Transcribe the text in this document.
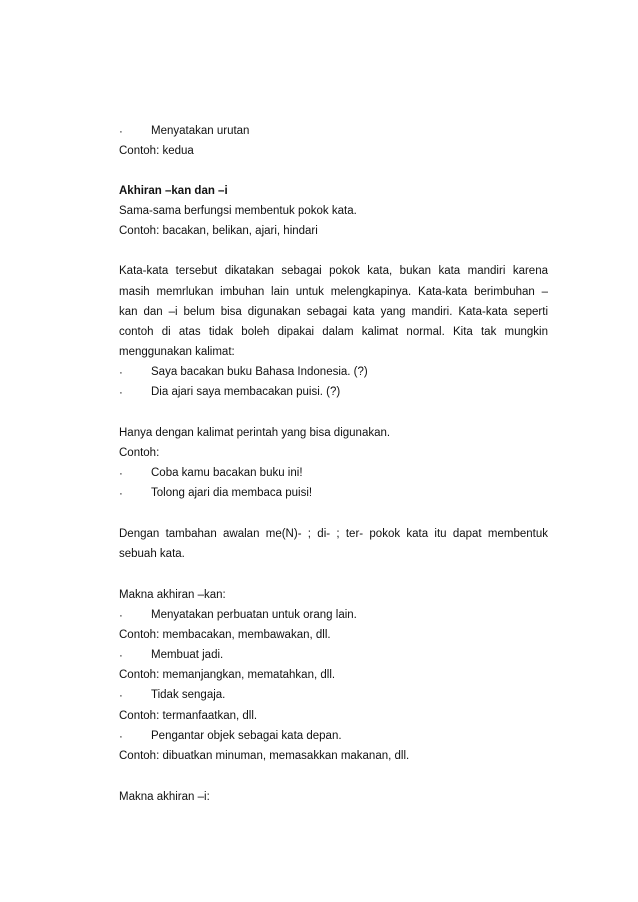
· Menyatakan urutan
Contoh: kedua
Akhiran –kan dan –i
Sama-sama berfungsi membentuk pokok kata.
Contoh: bacakan, belikan, ajari, hindari
Kata-kata tersebut dikatakan sebagai pokok kata, bukan kata mandiri karena
masih memrlukan imbuhan lain untuk melengkapinya. Kata-kata berimbuhan –
kan dan –i belum bisa digunakan sebagai kata yang mandiri. Kata-kata seperti
contoh di atas tidak boleh dipakai dalam kalimat normal. Kita tak mungkin
menggunakan kalimat:
· Saya bacakan buku Bahasa Indonesia. (?)
· Dia ajari saya membacakan puisi. (?)
Hanya dengan kalimat perintah yang bisa digunakan.
Contoh:
· Coba kamu bacakan buku ini!
· Tolong ajari dia membaca puisi!
Dengan tambahan awalan me(N)- ; di- ; ter- pokok kata itu dapat membentuk
sebuah kata.
Makna akhiran –kan:
· Menyatakan perbuatan untuk orang lain.
Contoh: membacakan, membawakan, dll.
· Membuat jadi.
Contoh: memanjangkan, mematahkan, dll.
· Tidak sengaja.
Contoh: termanfaatkan, dll.
· Pengantar objek sebagai kata depan.
Contoh: dibuatkan minuman, memasakkan makanan, dll.
Makna akhiran –i:
